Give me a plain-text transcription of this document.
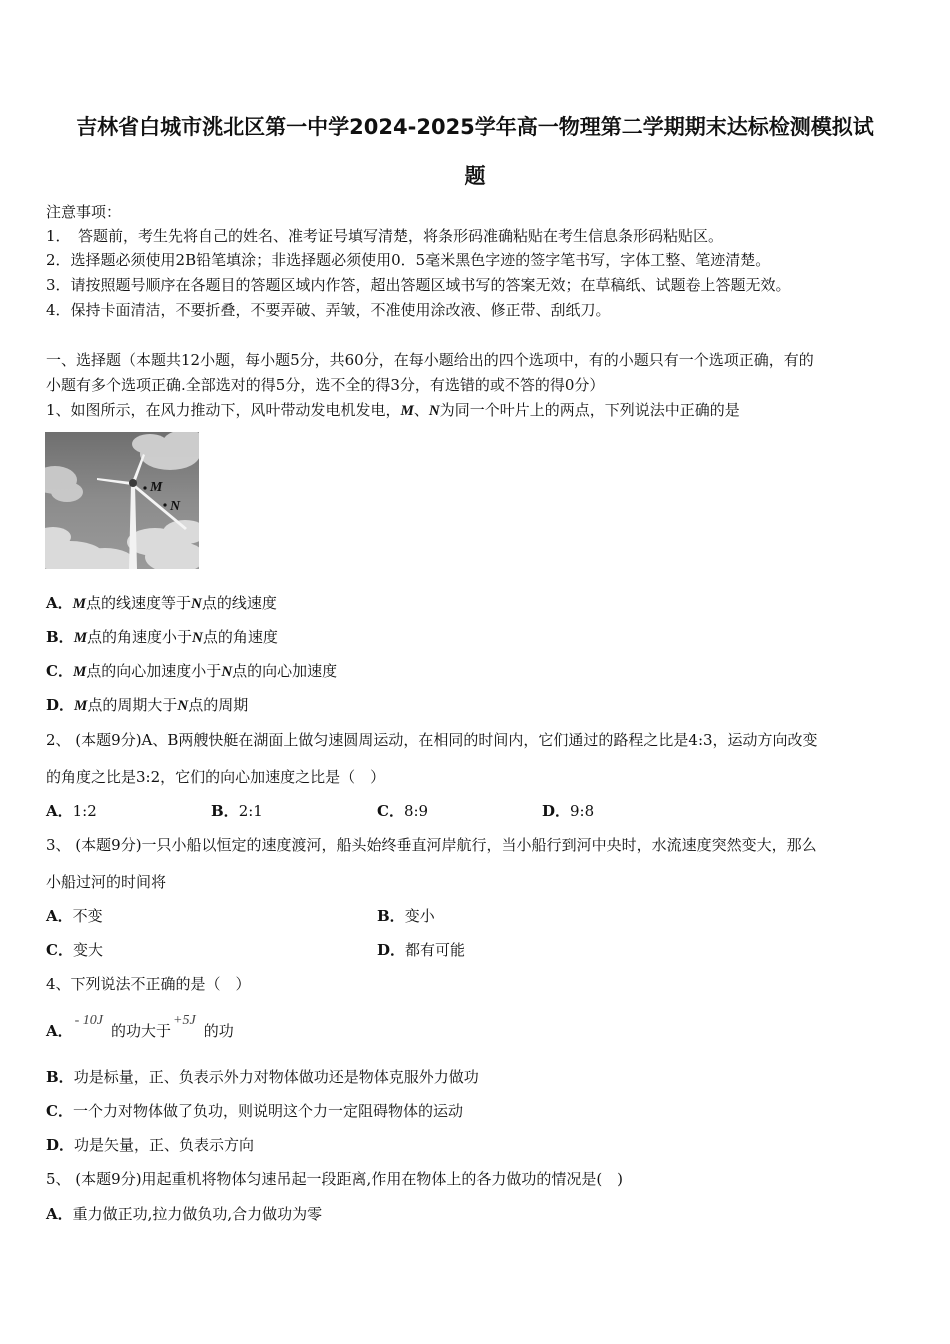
吉林省白城市洮北区第一中学2024-2025学年高一物理第二学期期末达标检测模拟试
题
注意事项：
1．　答题前，考生先将自己的姓名、准考证号填写清楚，将条形码准确粘贴在考生信息条形码粘贴区。
2．选择题必须使用2B铅笔填涂；非选择题必须使用0．5毫米黑色字迹的签字笔书写，字体工整、笔迹清楚。
3．请按照题号顺序在各题目的答题区域内作答，超出答题区域书写的答案无效；在草稿纸、试题卷上答题无效。
4．保持卡面清洁，不要折叠，不要弄破、弄皱，不准使用涂改液、修正带、刮纸刀。
一、选择题（本题共12小题，每小题5分，共60分，在每小题给出的四个选项中，有的小题只有一个选项正确，有的
小题有多个选项正确.全部选对的得5分，选不全的得3分，有选错的或不答的得0分）
1、如图所示，在风力推动下，风叶带动发电机发电，M、N为同一个叶片上的两点，下列说法中正确的是
M
N
A．M点的线速度等于N点的线速度
B．M点的角速度小于N点的角速度
C．M点的向心加速度小于N点的向心加速度
D．M点的周期大于N点的周期
2、 (本题9分)A、B两艘快艇在湖面上做匀速圆周运动，在相同的时间内，它们通过的路程之比是4:3，运动方向改变
的角度之比是3:2，它们的向心加速度之比是（　）
A．1:2	B．2:1	C．8:9	D．9:8
3、 (本题9分)一只小船以恒定的速度渡河，船头始终垂直河岸航行，当小船行到河中央时，水流速度突然变大，那么
小船过河的时间将
A．不变	B．变小
C．变大	D．都有可能
4、下列说法不正确的是（　）
A．- 10J的功大于+5J的功
B．功是标量，正、负表示外力对物体做功还是物体克服外力做功
C．一个力对物体做了负功，则说明这个力一定阻碍物体的运动
D．功是矢量，正、负表示方向
5、 (本题9分)用起重机将物体匀速吊起一段距离,作用在物体上的各力做功的情况是(　)
A．重力做正功,拉力做负功,合力做功为零
